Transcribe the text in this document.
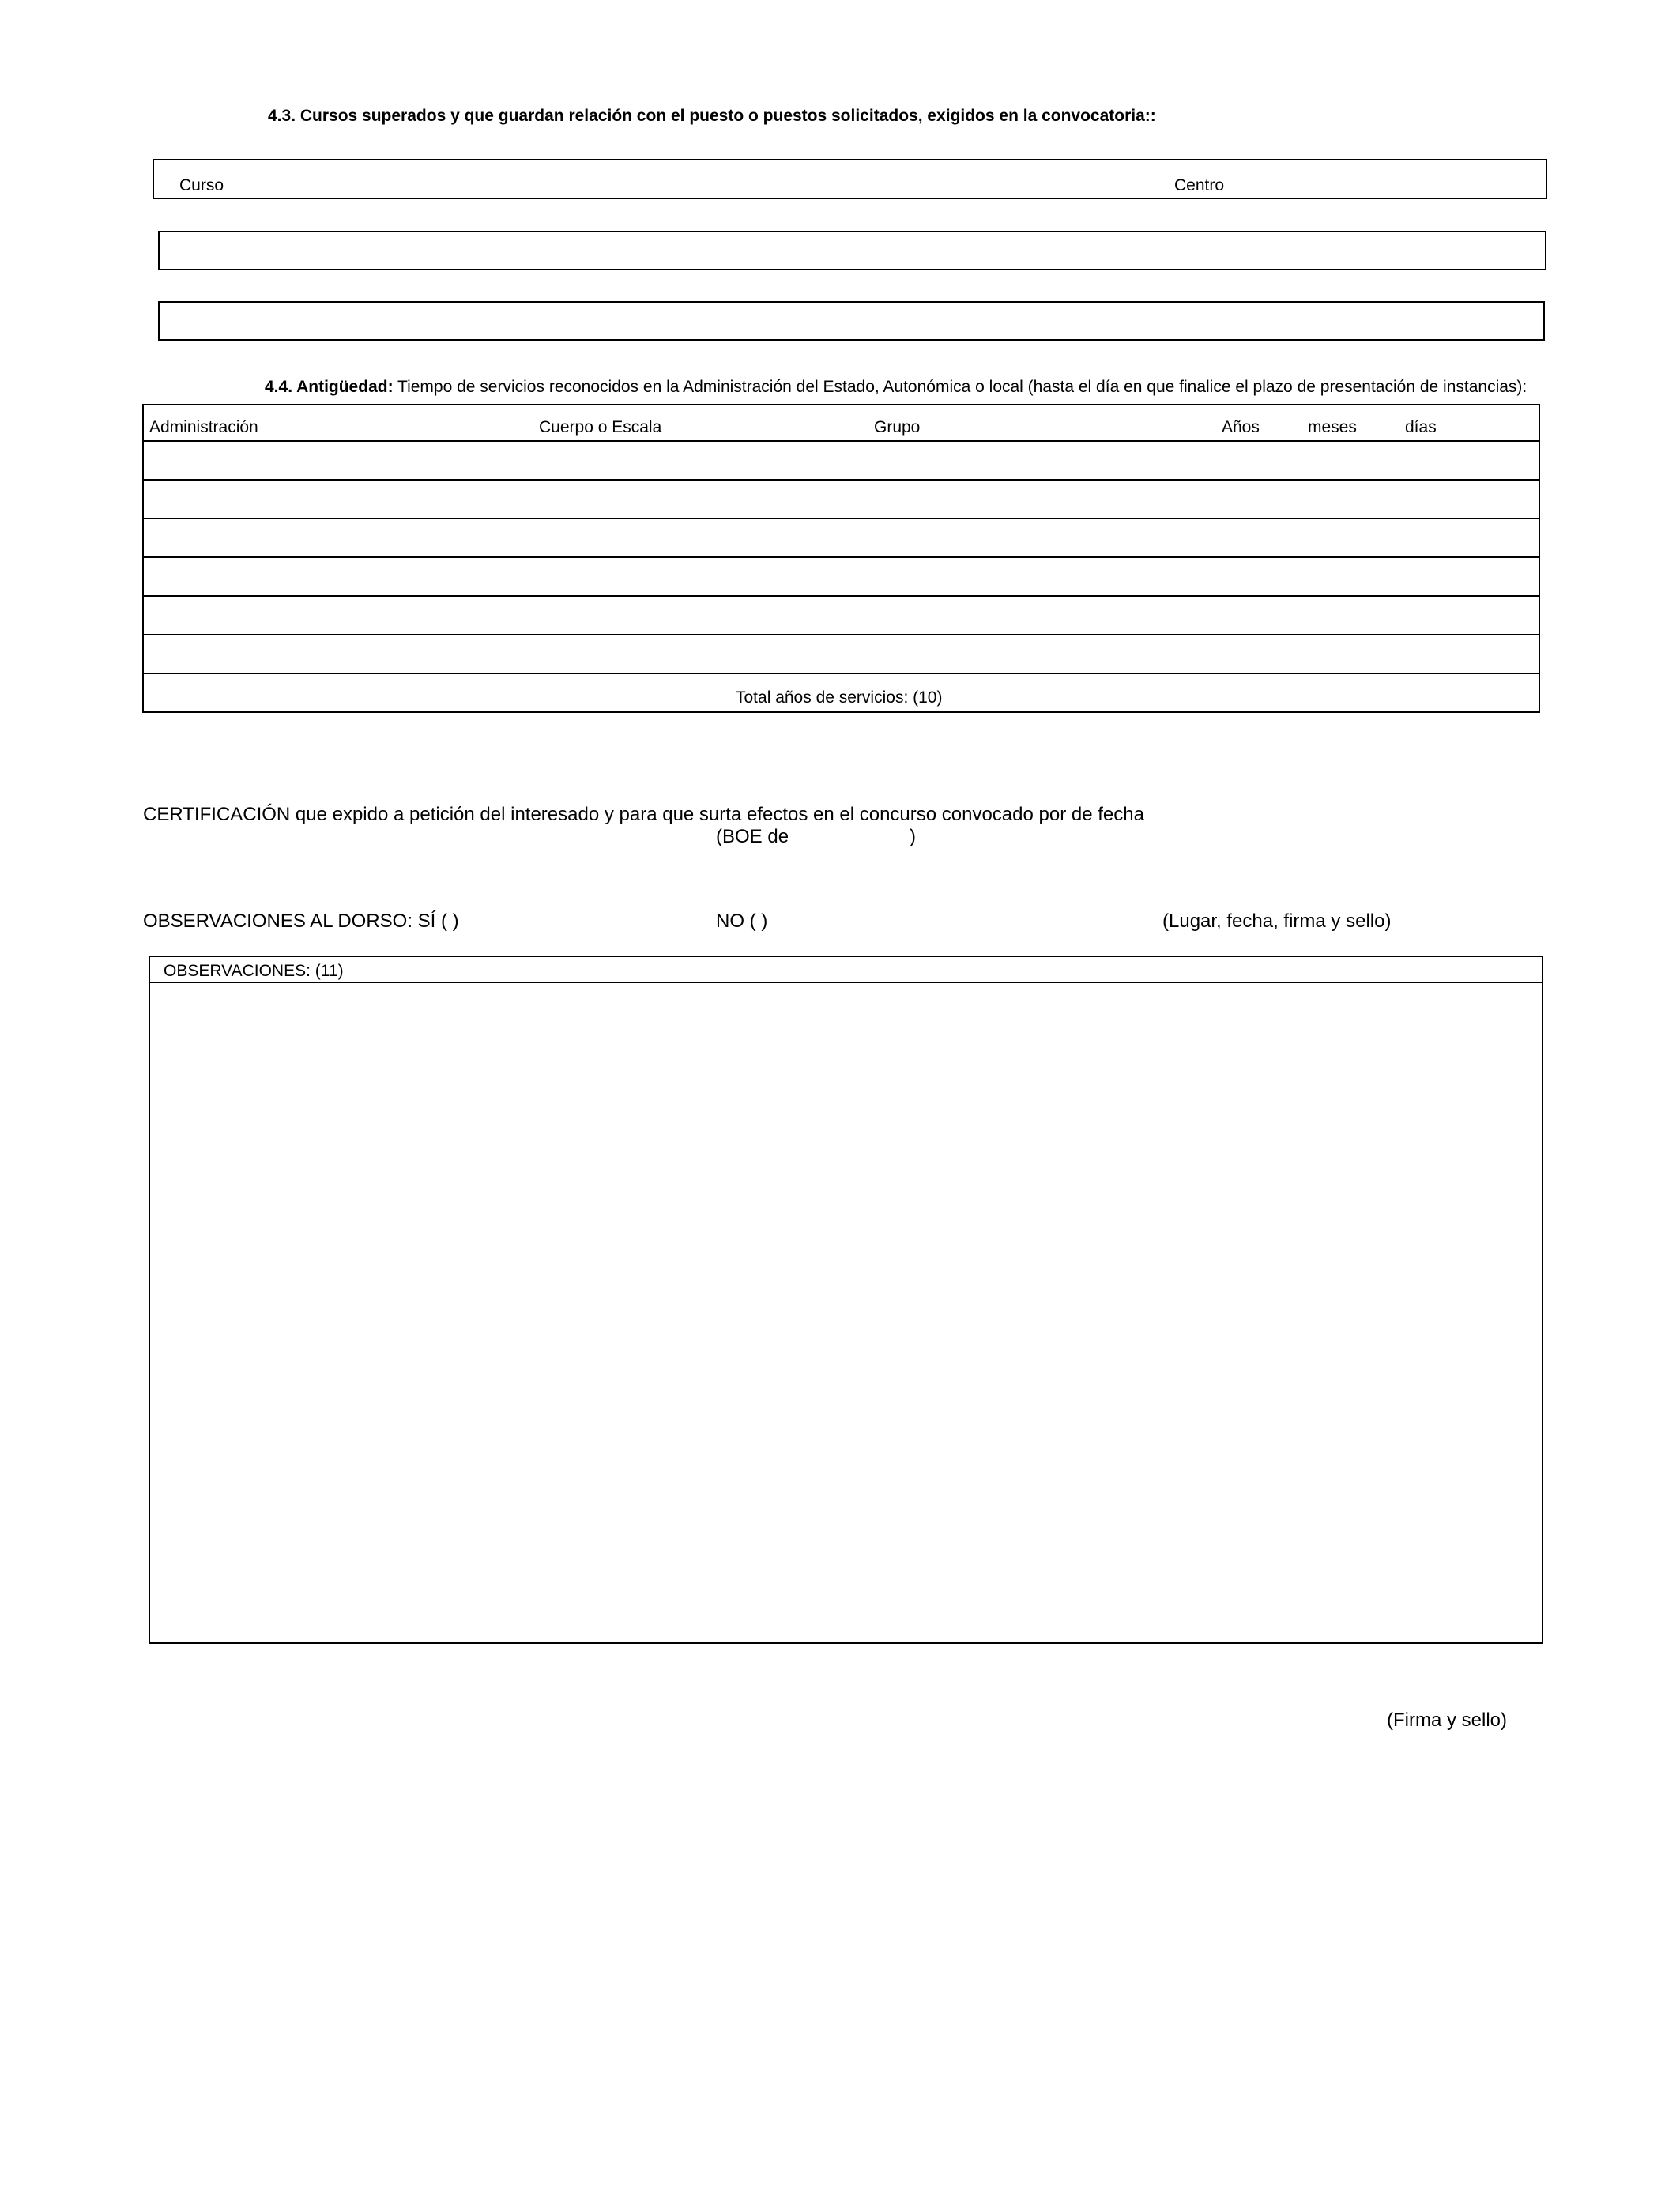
4.3. Cursos superados y que guardan relación con el puesto o puestos solicitados, exigidos en la convocatoria::
Curso	Centro
4.4. Antigüedad: Tiempo de servicios reconocidos en la Administración del Estado, Autonómica o local (hasta el día en que finalice el plazo de presentación de instancias):
Administración	Cuerpo o Escala	Grupo	Años	meses	días
Total años de servicios: (10)
CERTIFICACIÓN que expido a petición del interesado y para que surta efectos en el concurso convocado por de fecha
(BOE de	)
OBSERVACIONES AL DORSO: SÍ ( )	NO ( )	(Lugar, fecha, firma y sello)
OBSERVACIONES: (11)
(Firma y sello)
